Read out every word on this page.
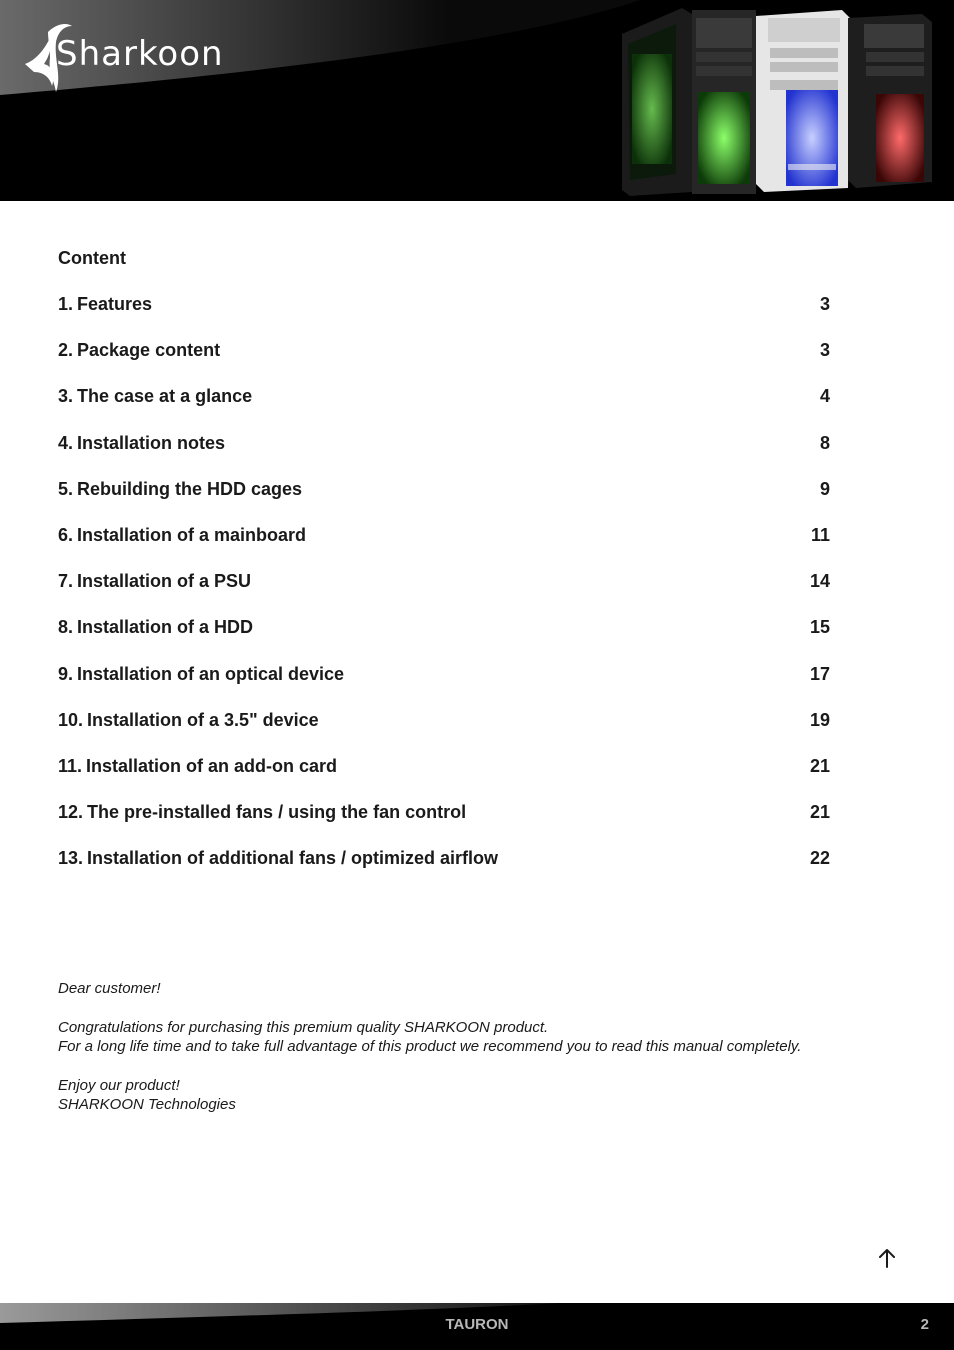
Sharkoon
Content
1. Features	3
2. Package content	3
3. The case at a glance	4
4. Installation notes	8
5. Rebuilding the HDD cages	9
6. Installation of a mainboard	11
7. Installation of a PSU	14
8. Installation of a HDD	15
9. Installation of an optical device	17
10. Installation of a 3.5" device	19
11. Installation of an add-on card	21
12. The pre-installed fans / using the fan control	21
13. Installation of additional fans / optimized airflow	22

Dear customer!

Congratulations for purchasing this premium quality SHARKOON product.

For a long life time and to take full advantage of this product we recommend you to read this manual completely.

Enjoy our product!

SHARKOON Technologies

TAURON	2
